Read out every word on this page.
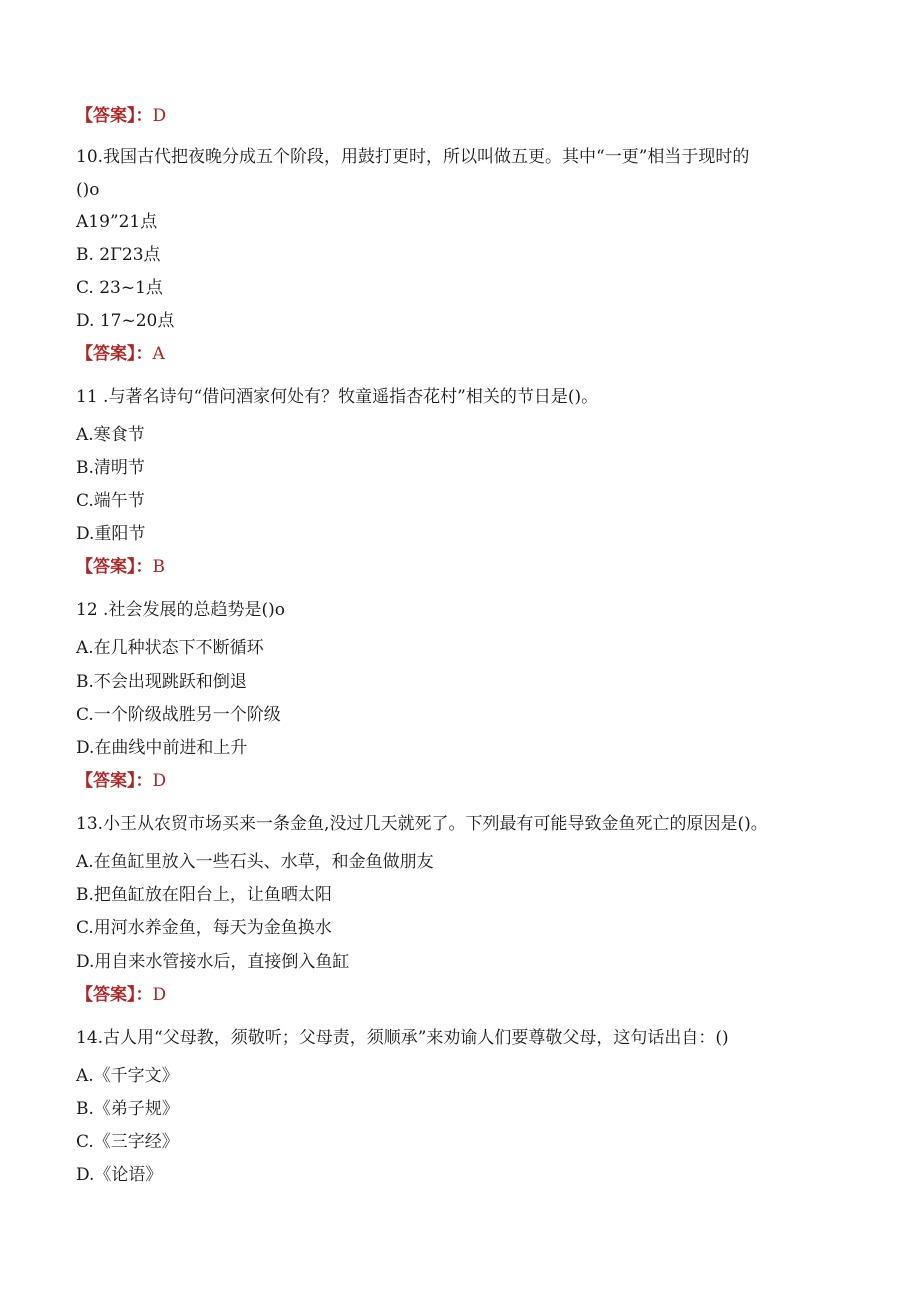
【答案】：D
10.我国古代把夜晚分成五个阶段，用鼓打更时，所以叫做五更。其中“一更”相当于现时的
()o
A19”21点
B. 2Γ23点
C. 23~1点
D. 17~20点
【答案】：A
11 .与著名诗句“借问酒家何处有？牧童遥指杏花村”相关的节日是()。
A.寒食节
B.清明节
C.端午节
D.重阳节
【答案】：B
12 .社会发展的总趋势是()o
A.在几种状态下不断循环
B.不会出现跳跃和倒退
C.一个阶级战胜另一个阶级
D.在曲线中前进和上升
【答案】：D
13.小王从农贸市场买来一条金鱼,没过几天就死了。下列最有可能导致金鱼死亡的原因是()。
A.在鱼缸里放入一些石头、水草，和金鱼做朋友
B.把鱼缸放在阳台上，让鱼晒太阳
C.用河水养金鱼，每天为金鱼换水
D.用自来水管接水后，直接倒入鱼缸
【答案】：D
14.古人用“父母教，须敬听；父母责，须顺承”来劝谕人们要尊敬父母，这句话出自：()
A.《千字文》
B.《弟子规》
C.《三字经》
D.《论语》
